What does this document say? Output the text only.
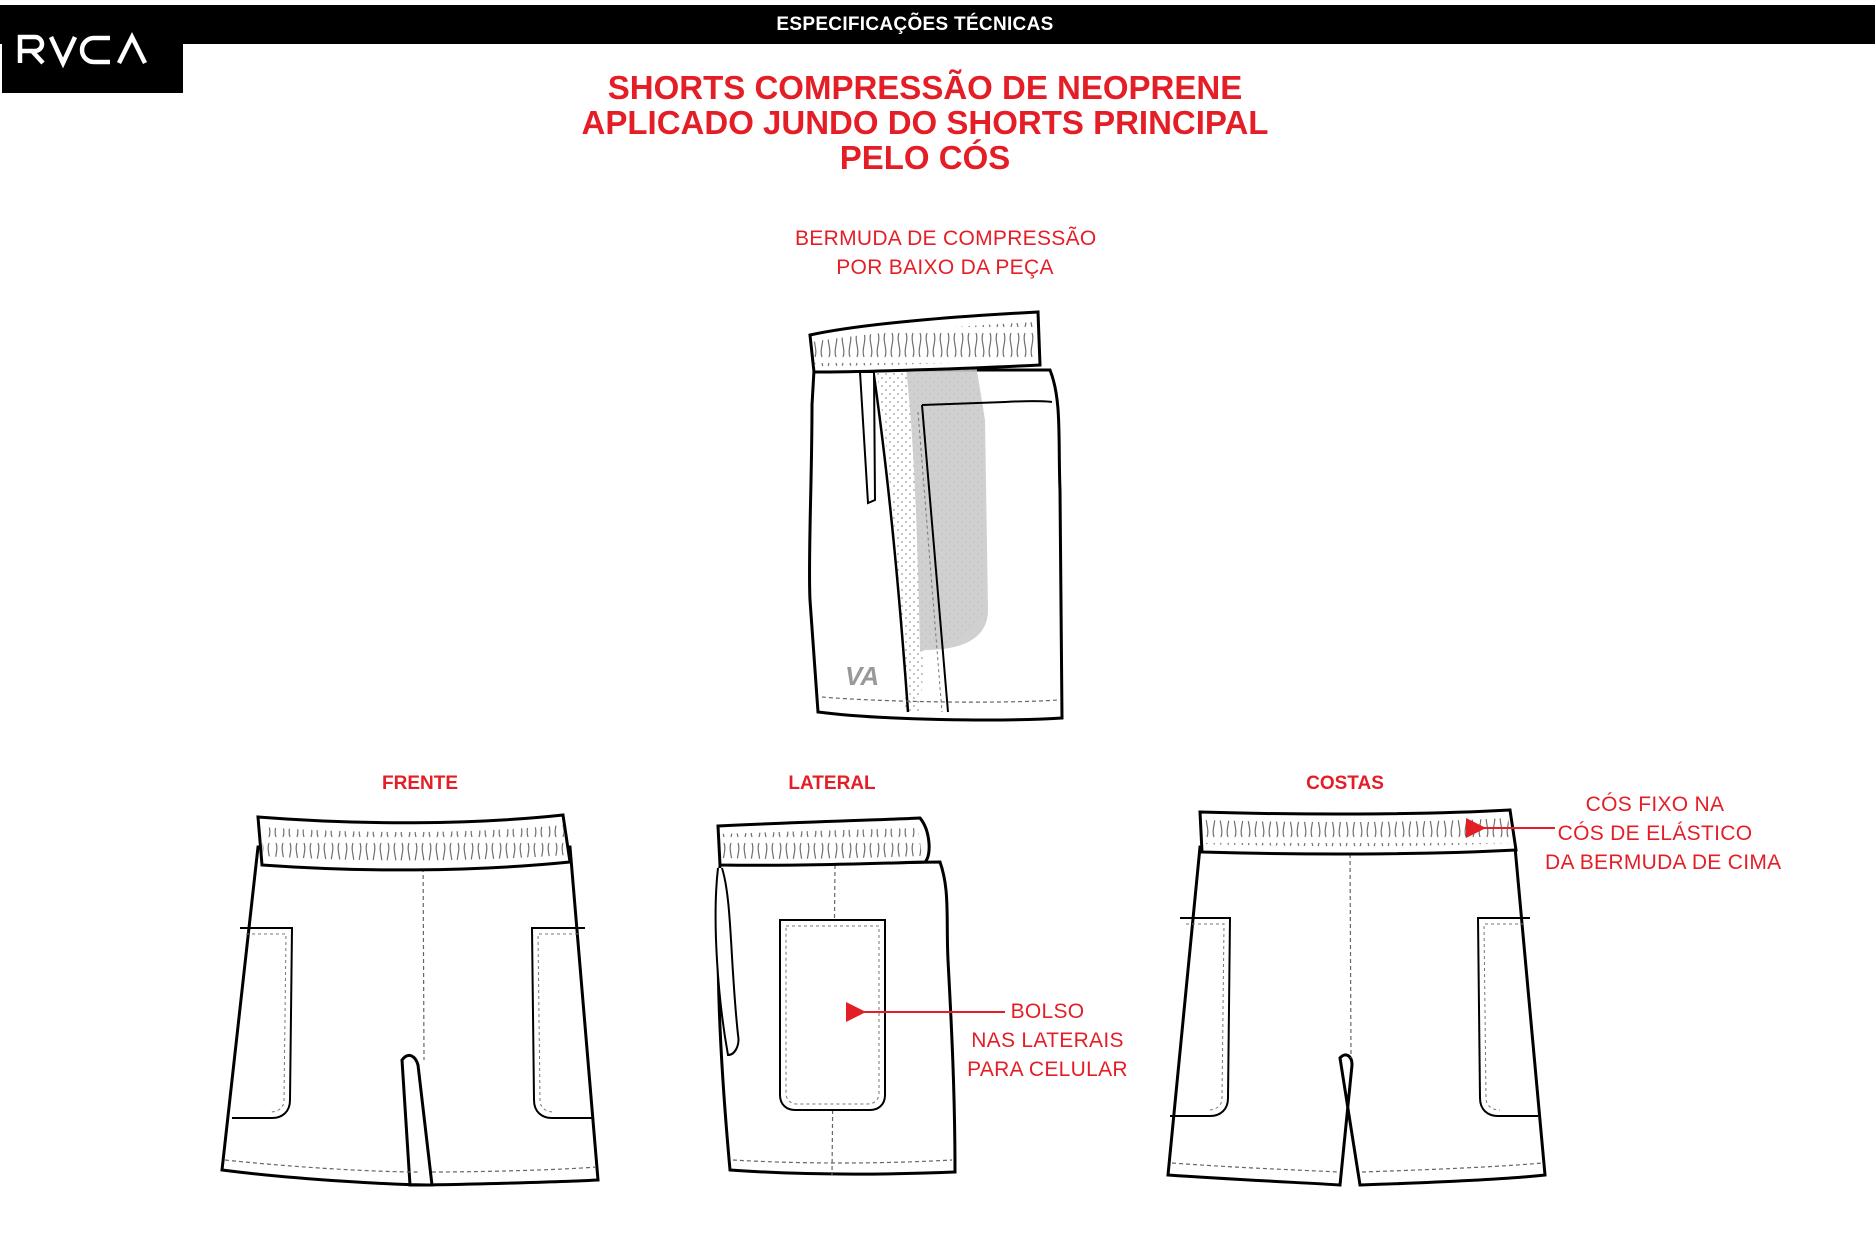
ESPECIFICAÇÕES TÉCNICAS
SHORTS COMPRESSÃO DE NEOPRENE
APLICADO JUNDO DO SHORTS PRINCIPAL
PELO CÓS
BERMUDA DE COMPRESSÃO
POR BAIXO DA PEÇA
FRENTE	LATERAL	COSTAS
BOLSO
NAS LATERAIS
PARA CELULAR
CÓS FIXO NA
CÓS DE ELÁSTICO
DA BERMUDA DE CIMA
VA
